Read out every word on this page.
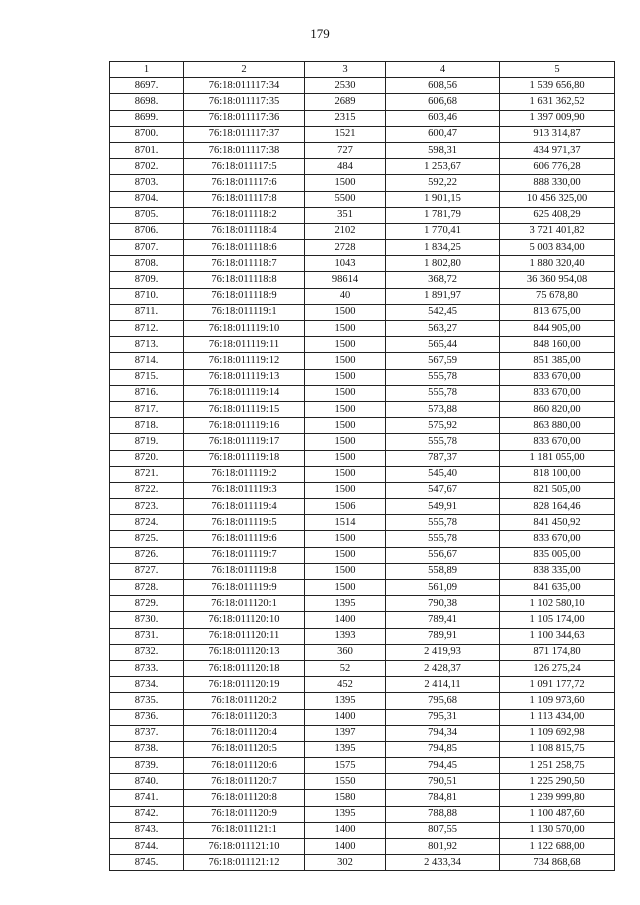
179
1	2	3	4	5
8697.	76:18:011117:34	2530	608,56	1 539 656,80
8698.	76:18:011117:35	2689	606,68	1 631 362,52
8699.	76:18:011117:36	2315	603,46	1 397 009,90
8700.	76:18:011117:37	1521	600,47	913 314,87
8701.	76:18:011117:38	727	598,31	434 971,37
8702.	76:18:011117:5	484	1 253,67	606 776,28
8703.	76:18:011117:6	1500	592,22	888 330,00
8704.	76:18:011117:8	5500	1 901,15	10 456 325,00
8705.	76:18:011118:2	351	1 781,79	625 408,29
8706.	76:18:011118:4	2102	1 770,41	3 721 401,82
8707.	76:18:011118:6	2728	1 834,25	5 003 834,00
8708.	76:18:011118:7	1043	1 802,80	1 880 320,40
8709.	76:18:011118:8	98614	368,72	36 360 954,08
8710.	76:18:011118:9	40	1 891,97	75 678,80
8711.	76:18:011119:1	1500	542,45	813 675,00
8712.	76:18:011119:10	1500	563,27	844 905,00
8713.	76:18:011119:11	1500	565,44	848 160,00
8714.	76:18:011119:12	1500	567,59	851 385,00
8715.	76:18:011119:13	1500	555,78	833 670,00
8716.	76:18:011119:14	1500	555,78	833 670,00
8717.	76:18:011119:15	1500	573,88	860 820,00
8718.	76:18:011119:16	1500	575,92	863 880,00
8719.	76:18:011119:17	1500	555,78	833 670,00
8720.	76:18:011119:18	1500	787,37	1 181 055,00
8721.	76:18:011119:2	1500	545,40	818 100,00
8722.	76:18:011119:3	1500	547,67	821 505,00
8723.	76:18:011119:4	1506	549,91	828 164,46
8724.	76:18:011119:5	1514	555,78	841 450,92
8725.	76:18:011119:6	1500	555,78	833 670,00
8726.	76:18:011119:7	1500	556,67	835 005,00
8727.	76:18:011119:8	1500	558,89	838 335,00
8728.	76:18:011119:9	1500	561,09	841 635,00
8729.	76:18:011120:1	1395	790,38	1 102 580,10
8730.	76:18:011120:10	1400	789,41	1 105 174,00
8731.	76:18:011120:11	1393	789,91	1 100 344,63
8732.	76:18:011120:13	360	2 419,93	871 174,80
8733.	76:18:011120:18	52	2 428,37	126 275,24
8734.	76:18:011120:19	452	2 414,11	1 091 177,72
8735.	76:18:011120:2	1395	795,68	1 109 973,60
8736.	76:18:011120:3	1400	795,31	1 113 434,00
8737.	76:18:011120:4	1397	794,34	1 109 692,98
8738.	76:18:011120:5	1395	794,85	1 108 815,75
8739.	76:18:011120:6	1575	794,45	1 251 258,75
8740.	76:18:011120:7	1550	790,51	1 225 290,50
8741.	76:18:011120:8	1580	784,81	1 239 999,80
8742.	76:18:011120:9	1395	788,88	1 100 487,60
8743.	76:18:011121:1	1400	807,55	1 130 570,00
8744.	76:18:011121:10	1400	801,92	1 122 688,00
8745.	76:18:011121:12	302	2 433,34	734 868,68
